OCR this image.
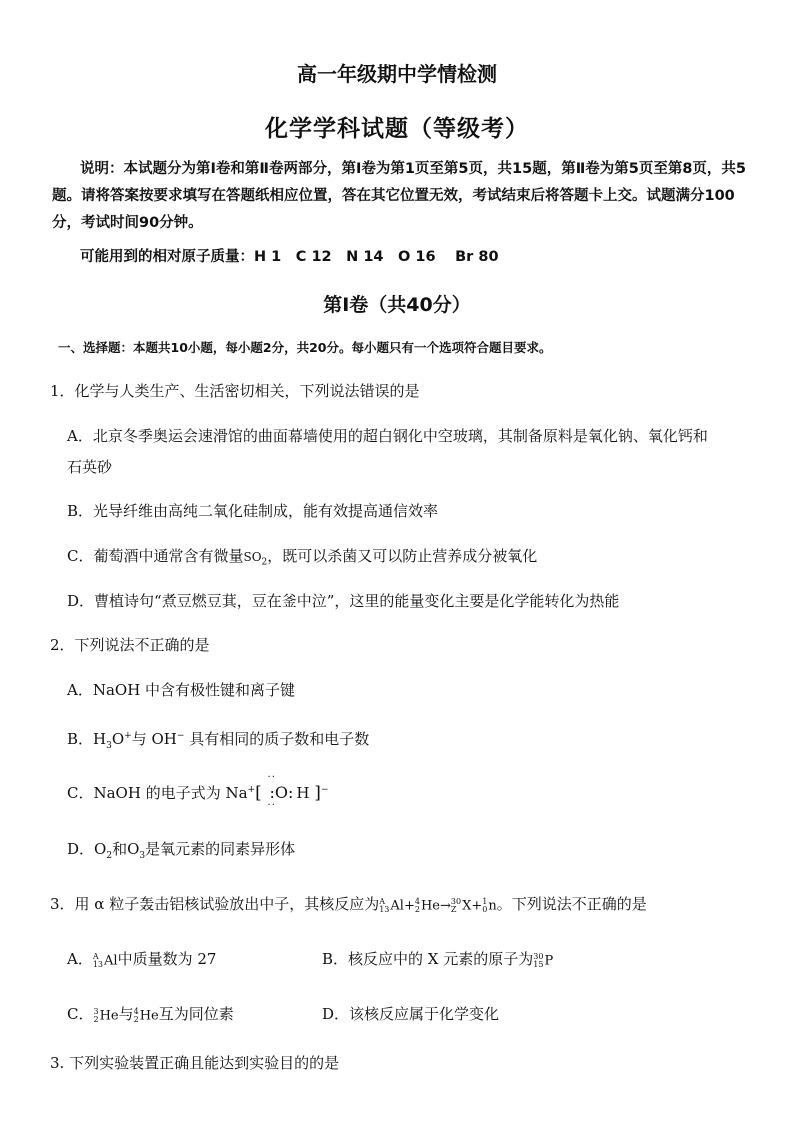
高一年级期中学情检测
化学学科试题（等级考）
说明：本试题分为第Ⅰ卷和第Ⅱ卷两部分，第Ⅰ卷为第1页至第5页，共15题，第Ⅱ卷为第5页至第8页，共5题。请将答案按要求填写在答题纸相应位置，答在其它位置无效，考试结束后将答题卡上交。试题满分100分，考试时间90分钟。
可能用到的相对原子质量：H 1　C 12　N 14　O 16　 Br 80
第Ⅰ卷（共40分）
一、选择题：本题共10小题，每小题2分，共20分。每小题只有一个选项符合题目要求。
1．化学与人类生产、生活密切相关，下列说法错误的是
A．北京冬季奥运会速滑馆的曲面幕墙使用的超白钢化中空玻璃，其制备原料是氧化钠、氧化钙和
石英砂
B．光导纤维由高纯二氧化硅制成，能有效提高通信效率
C．葡萄酒中通常含有微量$SO_2$，既可以杀菌又可以防止营养成分被氧化
D．曹植诗句“煮豆燃豆萁，豆在釜中泣”，这里的能量变化主要是化学能转化为热能
2．下列说法不正确的是
A．NaOH 中含有极性键和离子键
B．$H_3O^+$与 OH− 具有相同的质子数和电子数
C．NaOH 的电子式为 Na+[ ·· :O: ·· H ]−
D．$O_2$和$O_3$是氧元素的同素异形体
3．用 α 粒子轰击铝核试验放出中子，其核反应为 A
13 Al+ 4
2 He→ 30
Z X+ 1
0 n。下列说法不正确的是
A． A
13 Al中质量数为 27	B．核反应中的 X 元素的原子为 30
15 P
C． 3
2 He与 4
2 He互为同位素	D．该核反应属于化学变化
3. 下列实验装置正确且能达到实验目的的是
